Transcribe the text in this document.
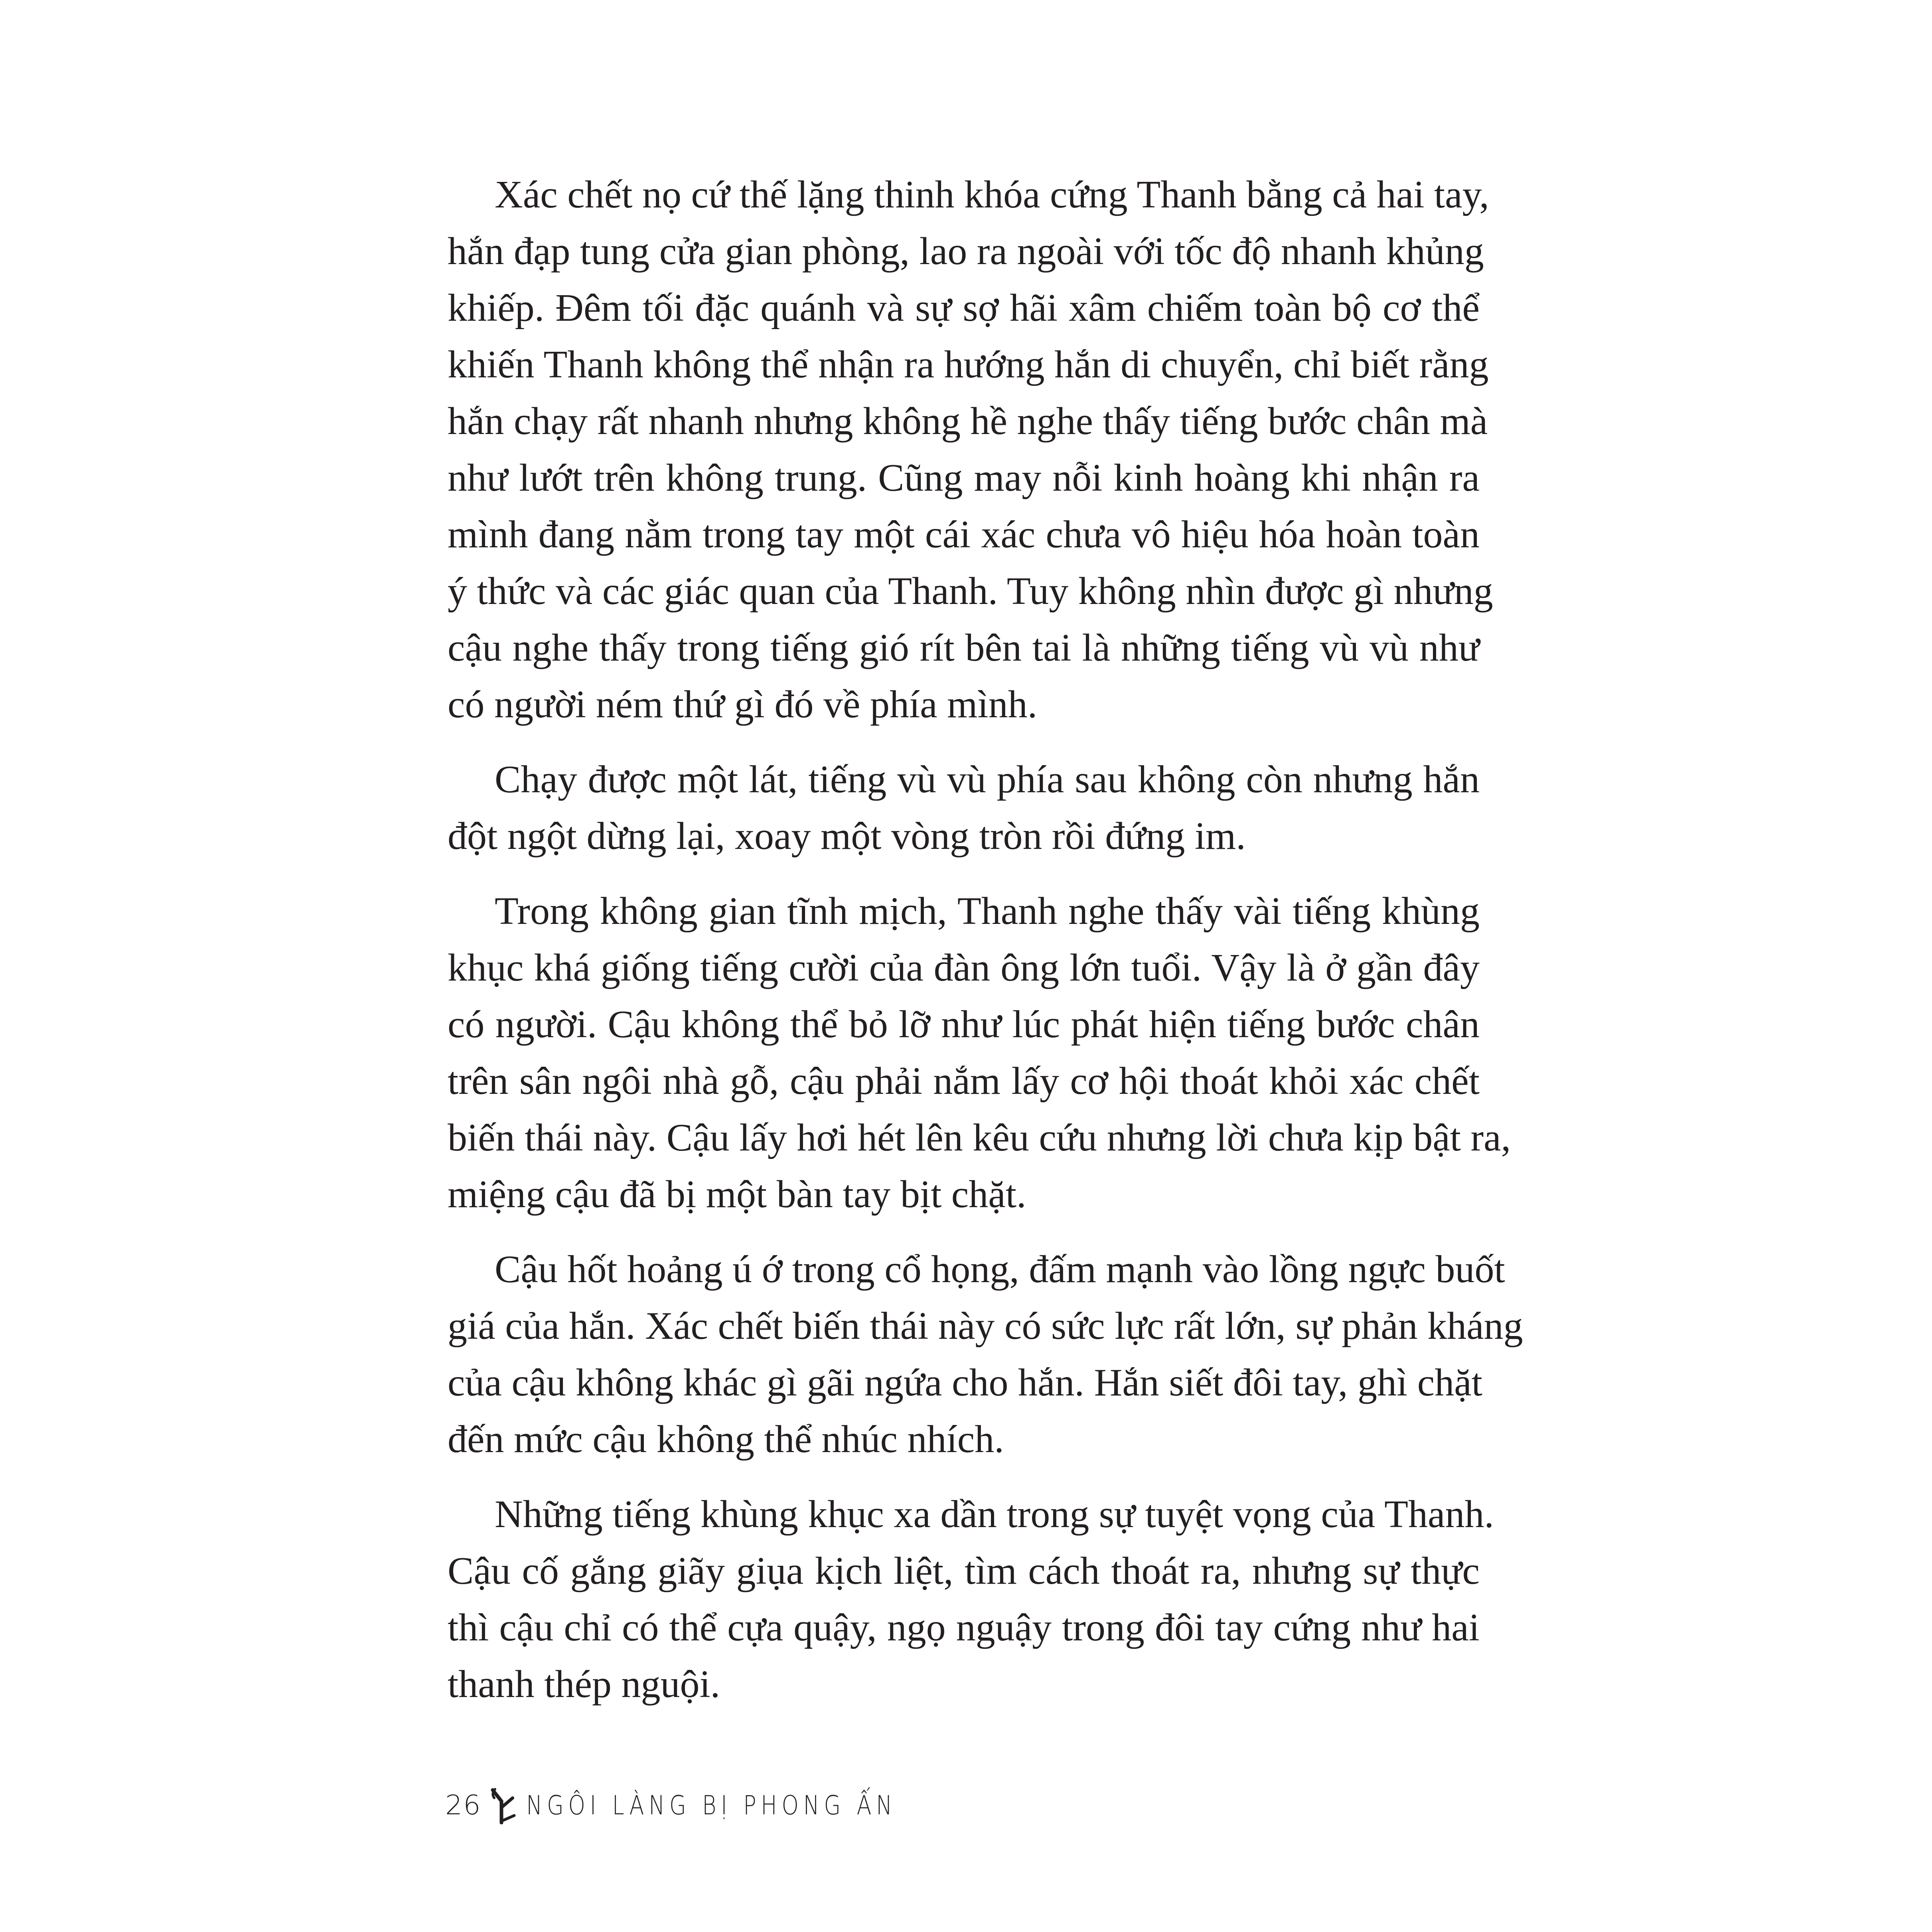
Xác chết nọ cứ thế lặng thinh khóa cứng Thanh bằng cả hai tay,
hắn đạp tung cửa gian phòng, lao ra ngoài với tốc độ nhanh khủng
khiếp. Đêm tối đặc quánh và sự sợ hãi xâm chiếm toàn bộ cơ thể
khiến Thanh không thể nhận ra hướng hắn di chuyển, chỉ biết rằng
hắn chạy rất nhanh nhưng không hề nghe thấy tiếng bước chân mà
như lướt trên không trung. Cũng may nỗi kinh hoàng khi nhận ra
mình đang nằm trong tay một cái xác chưa vô hiệu hóa hoàn toàn
ý thức và các giác quan của Thanh. Tuy không nhìn được gì nhưng
cậu nghe thấy trong tiếng gió rít bên tai là những tiếng vù vù như
có người ném thứ gì đó về phía mình.
Chạy được một lát, tiếng vù vù phía sau không còn nhưng hắn
đột ngột dừng lại, xoay một vòng tròn rồi đứng im.
Trong không gian tĩnh mịch, Thanh nghe thấy vài tiếng khùng
khục khá giống tiếng cười của đàn ông lớn tuổi. Vậy là ở gần đây
có người. Cậu không thể bỏ lỡ như lúc phát hiện tiếng bước chân
trên sân ngôi nhà gỗ, cậu phải nắm lấy cơ hội thoát khỏi xác chết
biến thái này. Cậu lấy hơi hét lên kêu cứu nhưng lời chưa kịp bật ra,
miệng cậu đã bị một bàn tay bịt chặt.
Cậu hốt hoảng ú ớ trong cổ họng, đấm mạnh vào lồng ngực buốt
giá của hắn. Xác chết biến thái này có sức lực rất lớn, sự phản kháng
của cậu không khác gì gãi ngứa cho hắn. Hắn siết đôi tay, ghì chặt
đến mức cậu không thể nhúc nhích.
Những tiếng khùng khục xa dần trong sự tuyệt vọng của Thanh.
Cậu cố gắng giãy giụa kịch liệt, tìm cách thoát ra, nhưng sự thực
thì cậu chỉ có thể cựa quậy, ngọ nguậy trong đôi tay cứng như hai
thanh thép nguội.
26 NGÔI LÀNG BỊ PHONG ẤN
